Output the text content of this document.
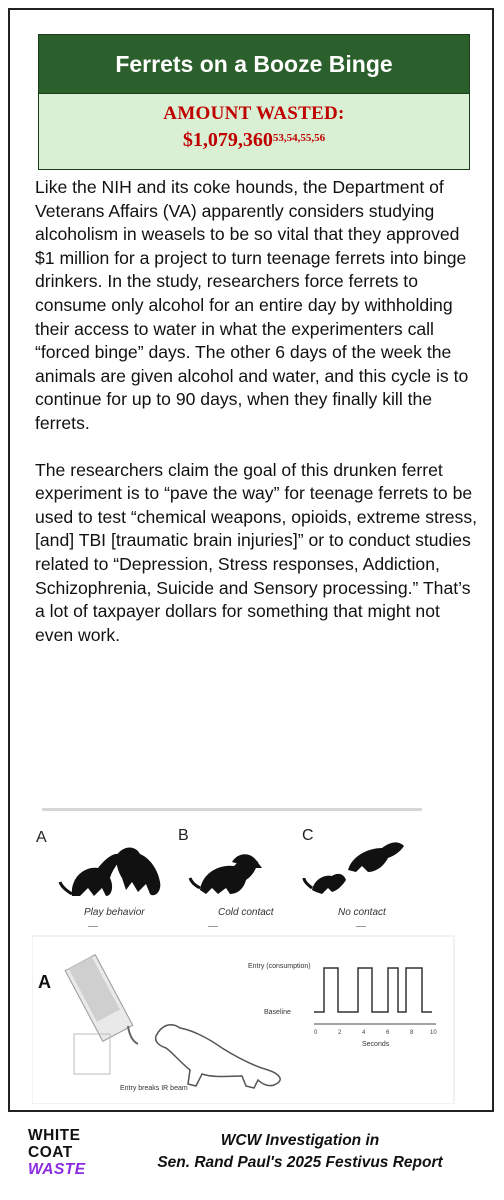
Ferrets on a Booze Binge
AMOUNT WASTED:
$1,079,360$^{53,54,55,56}$

Like the NIH and its coke hounds, the Department of Veterans Affairs (VA) apparently considers studying alcoholism in weasels to be so vital that they approved $1 million for a project to turn teenage ferrets into binge drinkers. In the study, researchers force ferrets to consume only alcohol for an entire day by withholding their access to water in what the experimenters call “forced binge” days. The other 6 days of the week the animals are given alcohol and water, and this cycle is to continue for up to 90 days, when they finally kill the ferrets.

The researchers claim the goal of this drunken ferret experiment is to “pave the way” for teenage ferrets to be used to test “chemical weapons, opioids, extreme stress, [and] TBI [traumatic brain injuries]” or to conduct studies related to “Depression, Stress responses, Addiction, Schizophrenia, Suicide and Sensory processing.” That’s a lot of taxpayer dollars for something that might not even work.

A	B	C
Play behavior	Cold contact	No contact
A
Entry breaks IR beam
Entry (consumption)
Baseline
0	2	4	6	8	10
Seconds
WHITE
COAT
WASTE
WCW Investigation in
Sen. Rand Paul's 2025 Festivus Report
